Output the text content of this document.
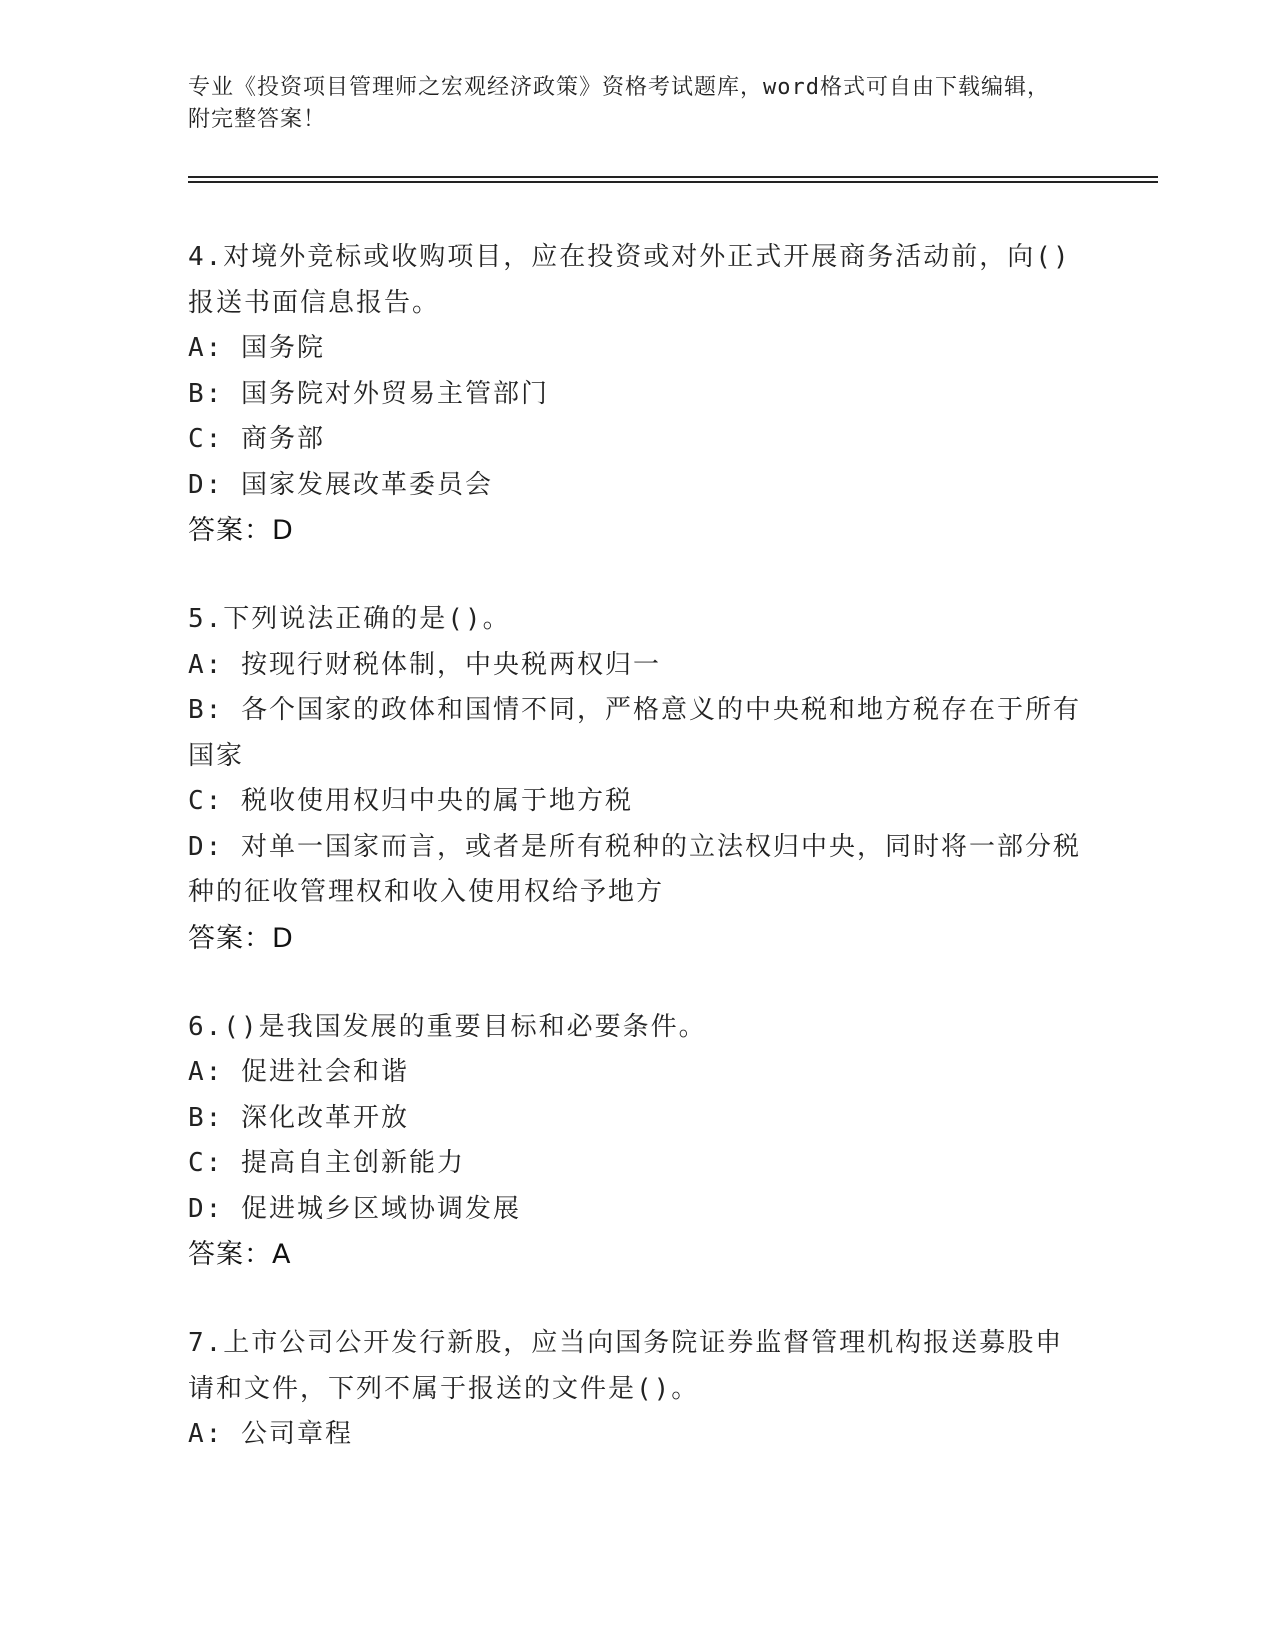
专业《投资项目管理师之宏观经济政策》资格考试题库，word格式可自由下载编辑，附完整答案！
4.对境外竞标或收购项目，应在投资或对外正式开展商务活动前，向()报送书面信息报告。
A: 国务院
B: 国务院对外贸易主管部门
C: 商务部
D: 国家发展改革委员会
答案：D
5.下列说法正确的是()。
A: 按现行财税体制，中央税两权归一
B: 各个国家的政体和国情不同，严格意义的中央税和地方税存在于所有国家
C: 税收使用权归中央的属于地方税
D: 对单一国家而言，或者是所有税种的立法权归中央，同时将一部分税种的征收管理权和收入使用权给予地方
答案：D
6.()是我国发展的重要目标和必要条件。
A: 促进社会和谐
B: 深化改革开放
C: 提高自主创新能力
D: 促进城乡区域协调发展
答案：A
7.上市公司公开发行新股，应当向国务院证券监督管理机构报送募股申请和文件，下列不属于报送的文件是()。
A: 公司章程
